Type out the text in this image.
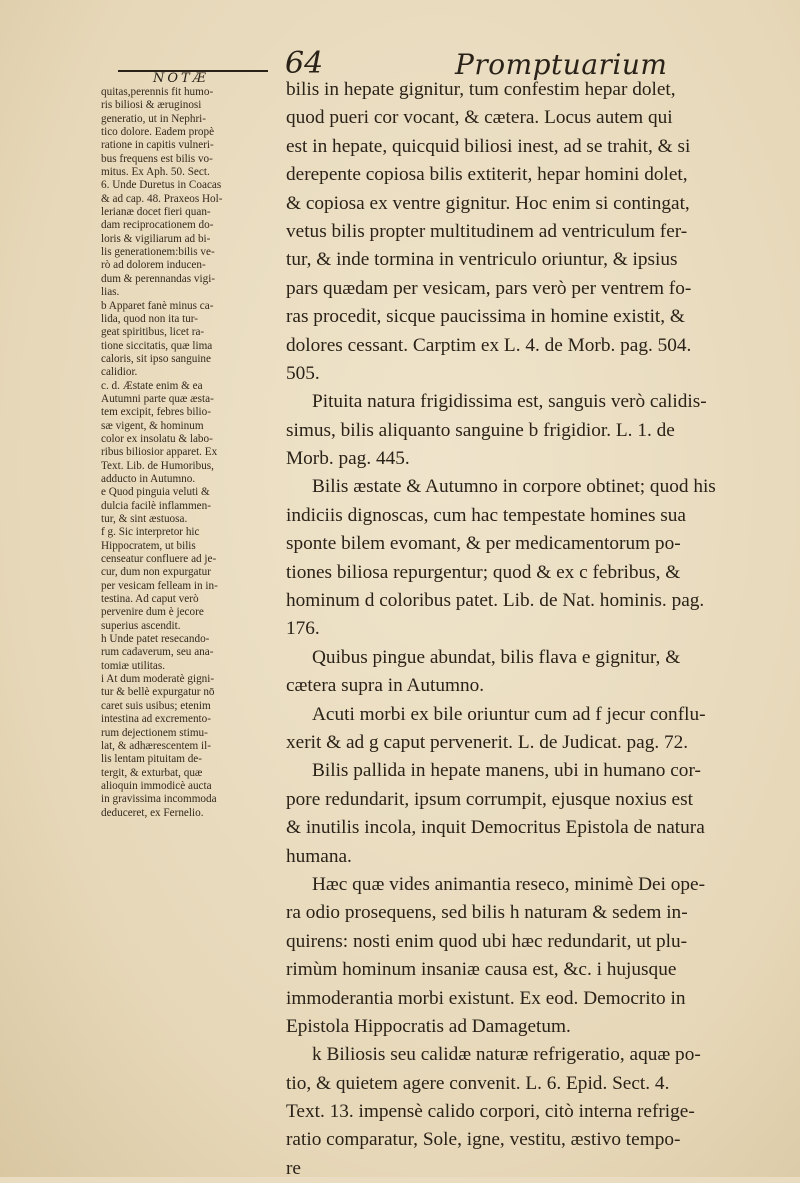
64	Promptuarium
NOTÆ
quitas,perennis fit humo-
ris biliosi & æruginosi
generatio, ut in Nephri-
tico dolore. Eadem propè
ratione in capitis vulneri-
bus frequens est bilis vo-
mitus. Ex Aph. 50. Sect.
6. Unde Duretus in Coacas
& ad cap. 48. Praxeos Hol-
lerianæ docet fieri quan-
dam reciprocationem do-
loris & vigiliarum ad bi-
lis generationem:bilis ve-
rò ad dolorem inducen-
dum & perennandas vigi-
lias.
b Apparet fanè minus ca-
lida, quod non ita tur-
geat spiritibus, licet ra-
tione siccitatis, quæ lima
caloris, sit ipso sanguine
calidior.
c. d. Æstate enim & ea
Autumni parte quæ æsta-
tem excipit, febres bilio-
sæ vigent, & hominum
color ex insolatu & labo-
ribus biliosior apparet. Ex
Text. Lib. de Humoribus,
adducto in Autumno.
e Quod pinguia veluti &
dulcia facilè inflammen-
tur, & sint æstuosa.
f g. Sic interpretor hic
Hippocratem, ut bilis
censeatur confluere ad je-
cur, dum non expurgatur
per vesicam felleam in in-
testina. Ad caput verò
pervenire dum è jecore
superius ascendit.
h Unde patet resecando-
rum cadaverum, seu ana-
tomiæ utilitas.
i At dum moderatè gigni-
tur & bellè expurgatur nō
caret suis usibus; etenim
intestina ad excremento-
rum dejectionem stimu-
lat, & adhærescentem il-
lis lentam pituitam de-
tergit, & exturbat, quæ
alioquin immodicè aucta
in gravissima incommoda
deduceret, ex Fernelio.
bilis in hepate gignitur, tum confestim hepar dolet,
quod pueri cor vocant, & cætera. Locus autem qui
est in hepate, quicquid biliosi inest, ad se trahit, & si
derepente copiosa bilis extiterit, hepar homini dolet,
& copiosa ex ventre gignitur. Hoc enim si contingat,
vetus bilis propter multitudinem ad ventriculum fer-
tur, & inde tormina in ventriculo oriuntur, & ipsius
pars quædam per vesicam, pars verò per ventrem fo-
ras procedit, sicque paucissima in homine existit, &
dolores cessant. Carptim ex L. 4. de Morb. pag. 504.
505.
Pituita natura frigidissima est, sanguis verò calidis-
simus, bilis aliquanto sanguine b frigidior. L. 1. de
Morb. pag. 445.
Bilis æstate & Autumno in corpore obtinet; quod his
indiciis dignoscas, cum hac tempestate homines sua
sponte bilem evomant, & per medicamentorum po-
tiones biliosa repurgentur; quod & ex c febribus, &
hominum d coloribus patet. Lib. de Nat. hominis. pag.
176.
Quibus pingue abundat, bilis flava e gignitur, &
cætera supra in Autumno.
Acuti morbi ex bile oriuntur cum ad f jecur conflu-
xerit & ad g caput pervenerit. L. de Judicat. pag. 72.
Bilis pallida in hepate manens, ubi in humano cor-
pore redundarit, ipsum corrumpit, ejusque noxius est
& inutilis incola, inquit Democritus Epistola de natura
humana.
Hæc quæ vides animantia reseco, minimè Dei ope-
ra odio prosequens, sed bilis h naturam & sedem in-
quirens: nosti enim quod ubi hæc redundarit, ut plu-
rimùm hominum insaniæ causa est, &c. i hujusque
immoderantia morbi existunt. Ex eod. Democrito in
Epistola Hippocratis ad Damagetum.
k Biliosis seu calidæ naturæ refrigeratio, aquæ po-
tio, & quietem agere convenit. L. 6. Epid. Sect. 4.
Text. 13. impensè calido corpori, citò interna refrige-
ratio comparatur, Sole, igne, vestitu, æstivo tempo-
re
